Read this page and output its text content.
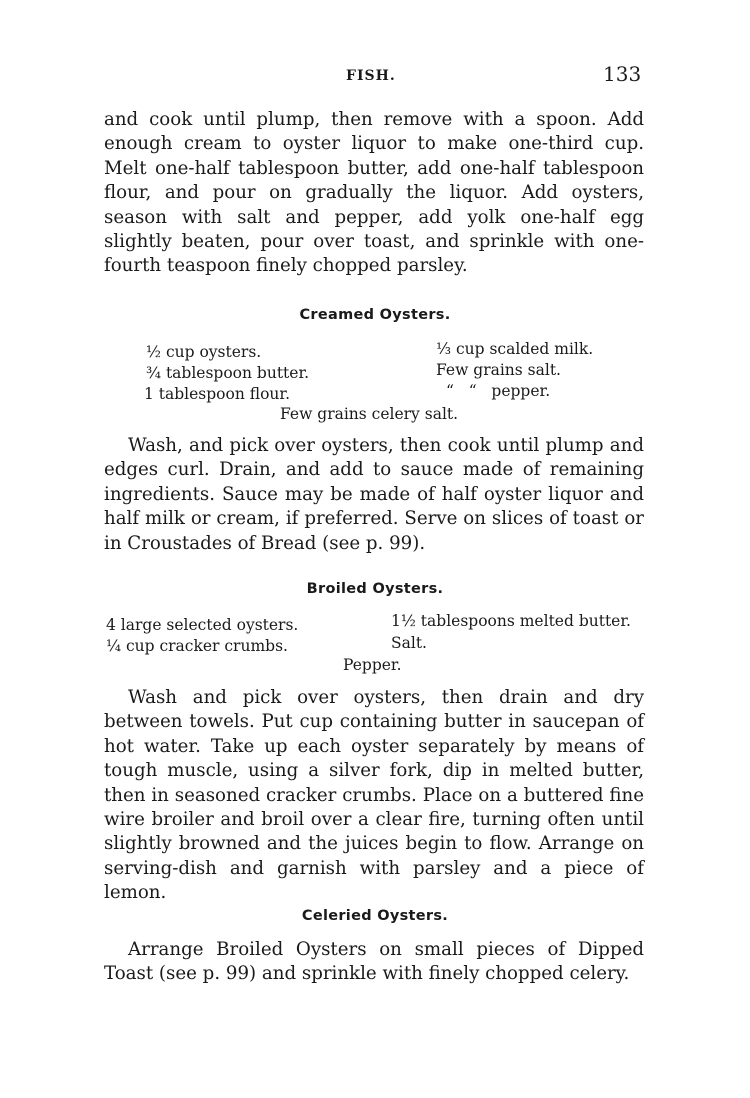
FISH.	133

and cook until plump, then remove with a spoon. Add enough cream to oyster liquor to make one-third cup. Melt one-half tablespoon butter, add one-half tablespoon flour, and pour on gradually the liquor. Add oysters, season with salt and pepper, add yolk one-half egg slightly beaten, pour over toast, and sprinkle with one-fourth teaspoon finely chopped parsley.

Creamed Oysters.
½ cup oysters.
¾ tablespoon butter.
1 tablespoon flour.
⅓ cup scalded milk.
Few grains salt.
“   “   pepper.
Few grains celery salt.

Wash, and pick over oysters, then cook until plump and edges curl. Drain, and add to sauce made of remaining ingredients. Sauce may be made of half oyster liquor and half milk or cream, if preferred. Serve on slices of toast or in Croustades of Bread (see p. 99).

Broiled Oysters.
4 large selected oysters.
¼ cup cracker crumbs.
1½ tablespoons melted butter.
Salt.
Pepper.

Wash and pick over oysters, then drain and dry between towels. Put cup containing butter in saucepan of hot water. Take up each oyster separately by means of tough muscle, using a silver fork, dip in melted butter, then in seasoned cracker crumbs. Place on a buttered fine wire broiler and broil over a clear fire, turning often until slightly browned and the juices begin to flow. Arrange on serving-dish and garnish with parsley and a piece of lemon.

Celeried Oysters.

Arrange Broiled Oysters on small pieces of Dipped Toast (see p. 99) and sprinkle with finely chopped celery.
